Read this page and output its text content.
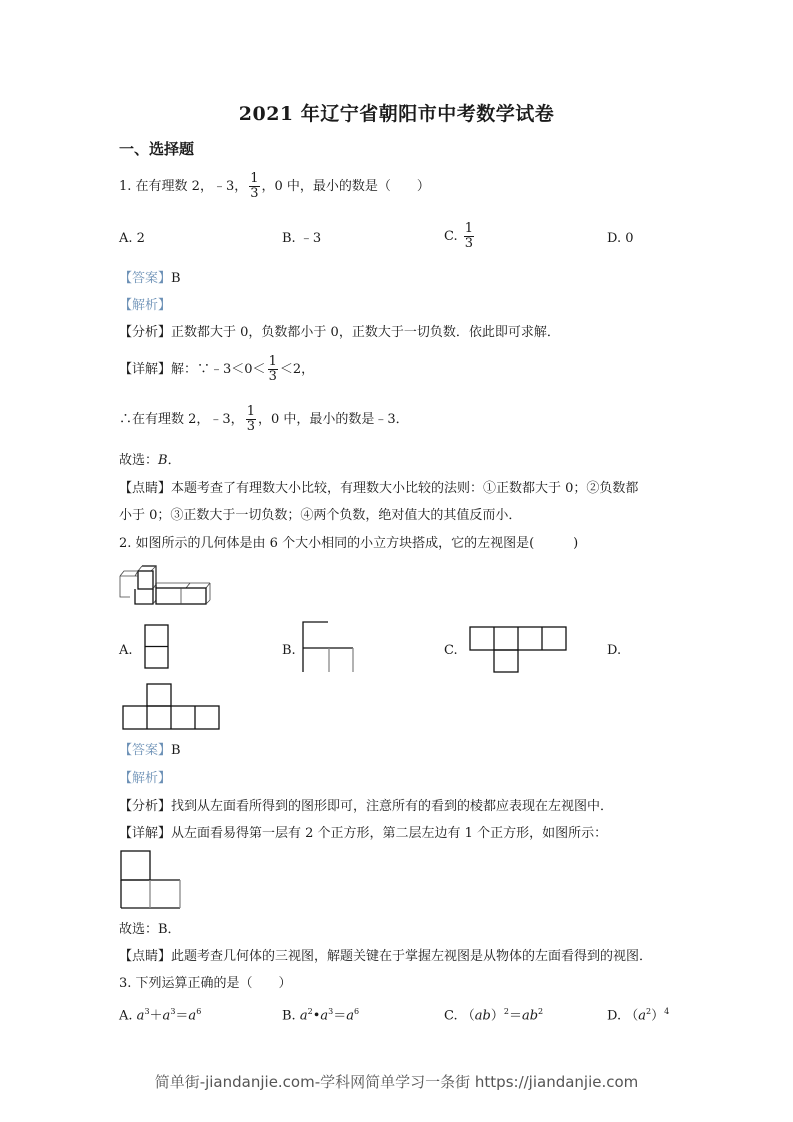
2021 年辽宁省朝阳市中考数学试卷
一、选择题
1. 在有理数 2，﹣3， $\frac{1}{3}$ ，0 中，最小的数是（　　）
A. 2	B. ﹣3	C. $\frac{1}{3}$	D. 0
【答案】B
【解析】
【分析】正数都大于 0，负数都小于 0，正数大于一切负数．依此即可求解．
【详解】解：∵﹣3＜0＜ $\frac{1}{3} <2$，
∴在有理数 2，﹣3， $\frac{1}{3}$ ，0 中，最小的数是﹣3．
故选：B．
【点睛】本题考查了有理数大小比较，有理数大小比较的法则：①正数都大于 0；②负数都
小于 0；③正数大于一切负数；④两个负数，绝对值大的其值反而小．
2. 如图所示的几何体是由 6 个大小相同的小立方块搭成，它的左视图是(　　　)
A.	B.	C.	D.
【答案】B
【解析】
【分析】找到从左面看所得到的图形即可，注意所有的看到的棱都应表现在左视图中．
【详解】从左面看易得第一层有 2 个正方形，第二层左边有 1 个正方形，如图所示：
故选：B．
【点睛】此题考查几何体的三视图，解题关键在于掌握左视图是从物体的左面看得到的视图．
3. 下列运算正确的是（　　）
A. $a^3+a^3=a^6$	B. $a^2•a^3=a^6$	C. $(ab)^2=ab^2$	D. $(a^2)^4$
简单街-jiandanjie.com-学科网简单学习一条街 https://jiandanjie.com
